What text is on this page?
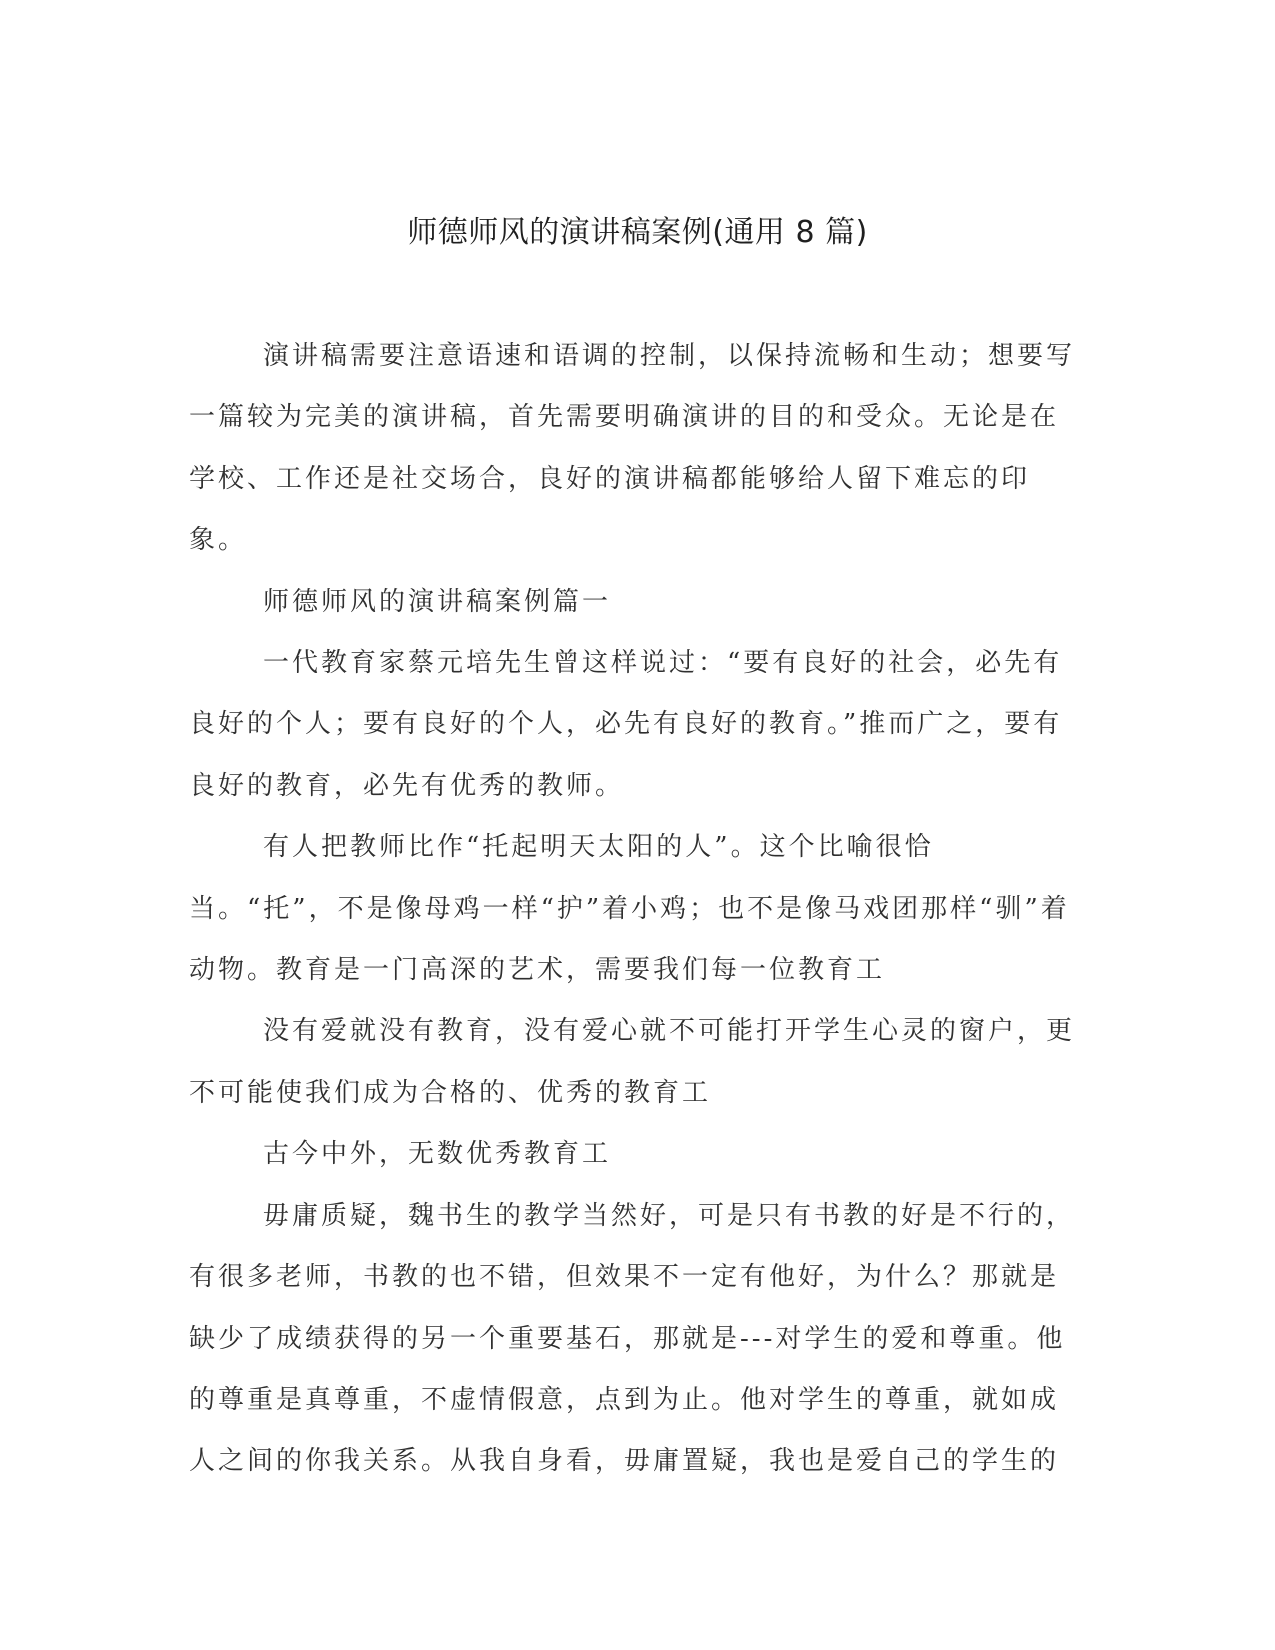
师德师风的演讲稿案例(通用 8 篇)

演讲稿需要注意语速和语调的控制，以保持流畅和生动；想要写一篇较为完美的演讲稿，首先需要明确演讲的目的和受众。无论是在学校、工作还是社交场合，良好的演讲稿都能够给人留下难忘的印象。

师德师风的演讲稿案例篇一

一代教育家蔡元培先生曾这样说过：“要有良好的社会，必先有良好的个人；要有良好的个人，必先有良好的教育。”推而广之，要有良好的教育，必先有优秀的教师。

有人把教师比作“托起明天太阳的人”。这个比喻很恰当。“托”，不是像母鸡一样“护”着小鸡；也不是像马戏团那样“驯”着动物。教育是一门高深的艺术，需要我们每一位教育工

没有爱就没有教育，没有爱心就不可能打开学生心灵的窗户，更不可能使我们成为合格的、优秀的教育工

古今中外，无数优秀教育工

毋庸质疑，魏书生的教学当然好，可是只有书教的好是不行的，有很多老师，书教的也不错，但效果不一定有他好，为什么？那就是缺少了成绩获得的另一个重要基石，那就是---对学生的爱和尊重。他的尊重是真尊重，不虚情假意，点到为止。他对学生的尊重，就如成人之间的你我关系。从我自身看，毋庸置疑，我也是爱自己的学生的
